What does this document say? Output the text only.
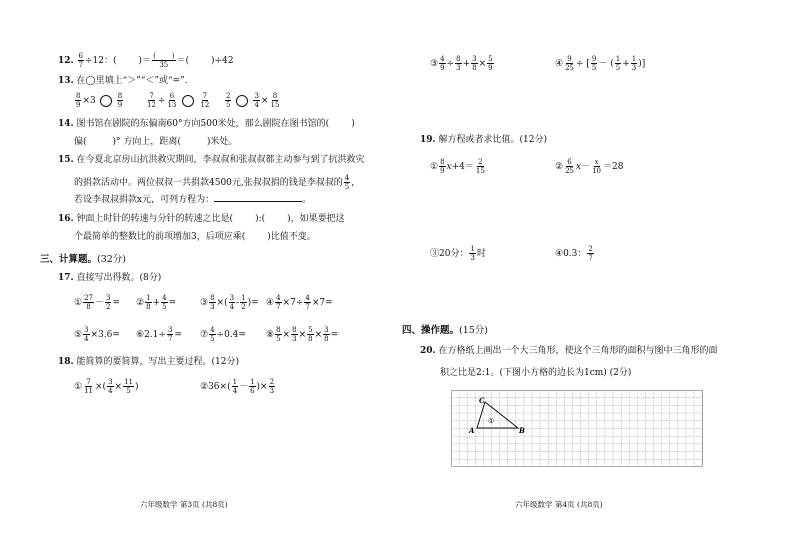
12. $\frac{6}{7} \div 12$：( )＝ $\frac{( )}{35}$ ＝( )÷42
13. 在◯里填上“＞”“＜”或“=”.
$\frac{8}{9} \times 3$	$\frac{8}{9}$	$\frac{7}{12} \div \frac{6}{13}$	$\frac{7}{12} \frac{2}{5}$	$\frac{3}{4} \times \frac{8}{15}$
14. 图书馆在剧院的东偏南60°方向500米处，那么剧院在图书馆的( )
偏(	)° 方向上，距离(	)米处。
15. 在今夏北京房山抗洪救灾期间，李叔叔和张叔叔都主动参与到了抗洪救灾
的捐款活动中。两位叔叔一共捐款4500元,张叔叔捐的钱是李叔叔的 $\frac{4}{5}$ ，
若设李叔叔捐款x元，可列方程为：	。
16. 钟面上时针的转速与分针的转速之比是( ):( )，如果要把这
个最简单的整数比的前项增加3，后项应乘( )比值不变。
三、计算题。(32分)
17. 直接写出得数。(8分)
① $\frac{27}{8} - \frac{3}{2}$ = ② $\frac{1}{8} + \frac{4}{5}$ =	③ $\frac{8}{3}$ ×( $\frac{3}{4} - \frac{1}{2}$ )= ④ $\frac{4}{7} \times 7\div \frac{4}{7} \times 7=$
⑤ $\frac{3}{4} \times 3.6=$ ⑥2.1÷ $\frac{3}{7}$ = ⑦ $\frac{4}{5} \div 0.4=$ ⑧ $\frac{8}{5} \times \frac{8}{3} \times \frac{5}{8} \times \frac{3}{8}$ =
18. 能简算的要简算，写出主要过程。(12分)
① $\frac{7}{11}$ ×( $\frac{3}{4} \times \frac{11}{5}$ )	②36×( $\frac{1}{4} - \frac{1}{6}$ )× $\frac{2}{3}$
六年级数学 第3页 (共8页)
③ $\frac{4}{9} \div \frac{8}{3} + \frac{3}{8} \times \frac{5}{9}$	④ $\frac{9}{25}$ ÷ [ $\frac{9}{5}$ － ( $\frac{1}{5} + \frac{1}{3}$ )]
19. 解方程或者求比值。(12分)
① $\frac{8}{9} x+4= \frac{2}{15}$	② $\frac{6}{25} x- \frac{x}{10} =28$
③20分： $\frac{1}{3}$ 时	④0.3： $\frac{2}{7}$
四、操作题。(15分)
20. 在方格纸上画出一个大三角形，使这个三角形的面积与图中三角形的面
积之比是2:1。(下图小方格的边长为1cm) (2分)
C
A	B
①
六年级数学 第4页 (共8页)
